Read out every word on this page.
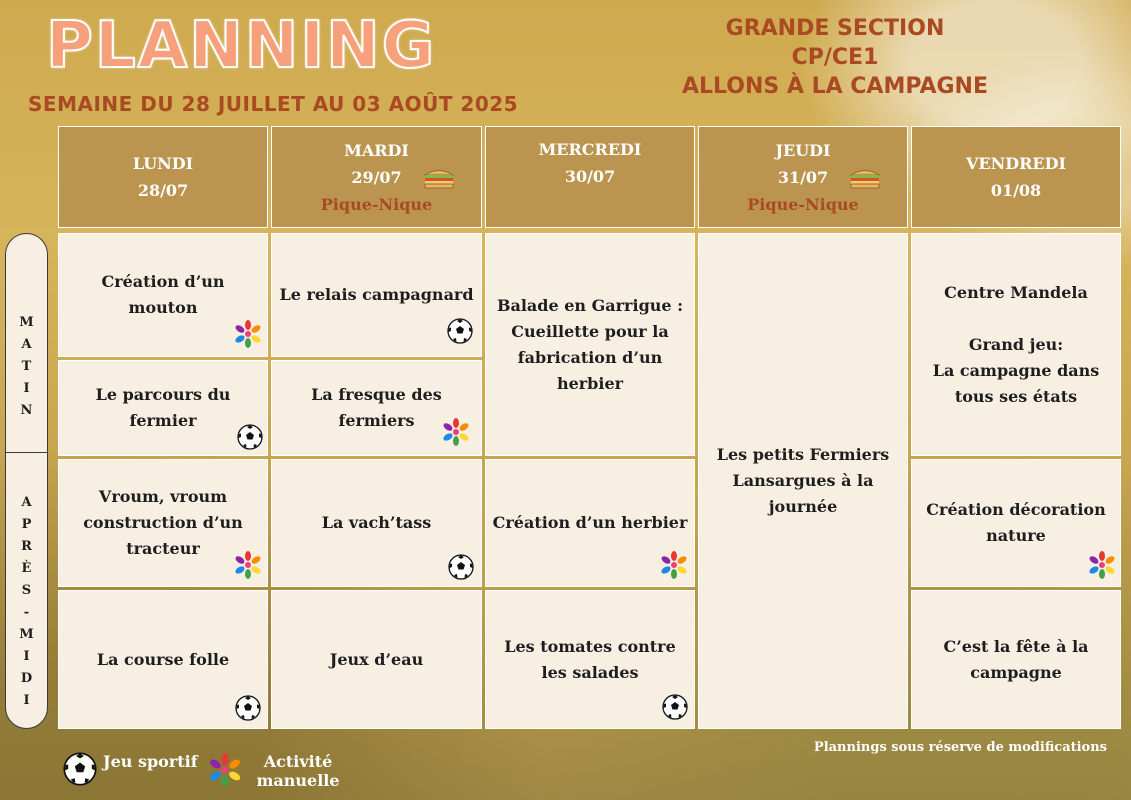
PLANNING
SEMAINE DU 28 JUILLET AU 03 AOÛT 2025
GRANDE SECTION
CP/CE1
ALLONS À LA CAMPAGNE
LUNDI
28/07
MARDI
29/07
Pique-Nique
MERCREDI
30/07
JEUDI
31/07
Pique-Nique
VENDREDI
01/08
M
A
T
I
N
A
P
R
È
S
-
M
I
D
I
Création d’un mouton
Le parcours du fermier
Vroum, vroum construction d’un tracteur
La course folle
Le relais campagnard
La fresque des fermiers
La vach’tass
Jeux d’eau
Balade en Garrigue : Cueillette pour la fabrication d’un herbier
Création d’un herbier
Les tomates contre les salades
Les petits Fermiers Lansargues à la journée
Centre Mandela
Grand jeu:
La campagne dans tous ses états
Création décoration nature
C’est la fête à la campagne
Plannings sous réserve de modifications
Jeu sportif	Activité manuelle
